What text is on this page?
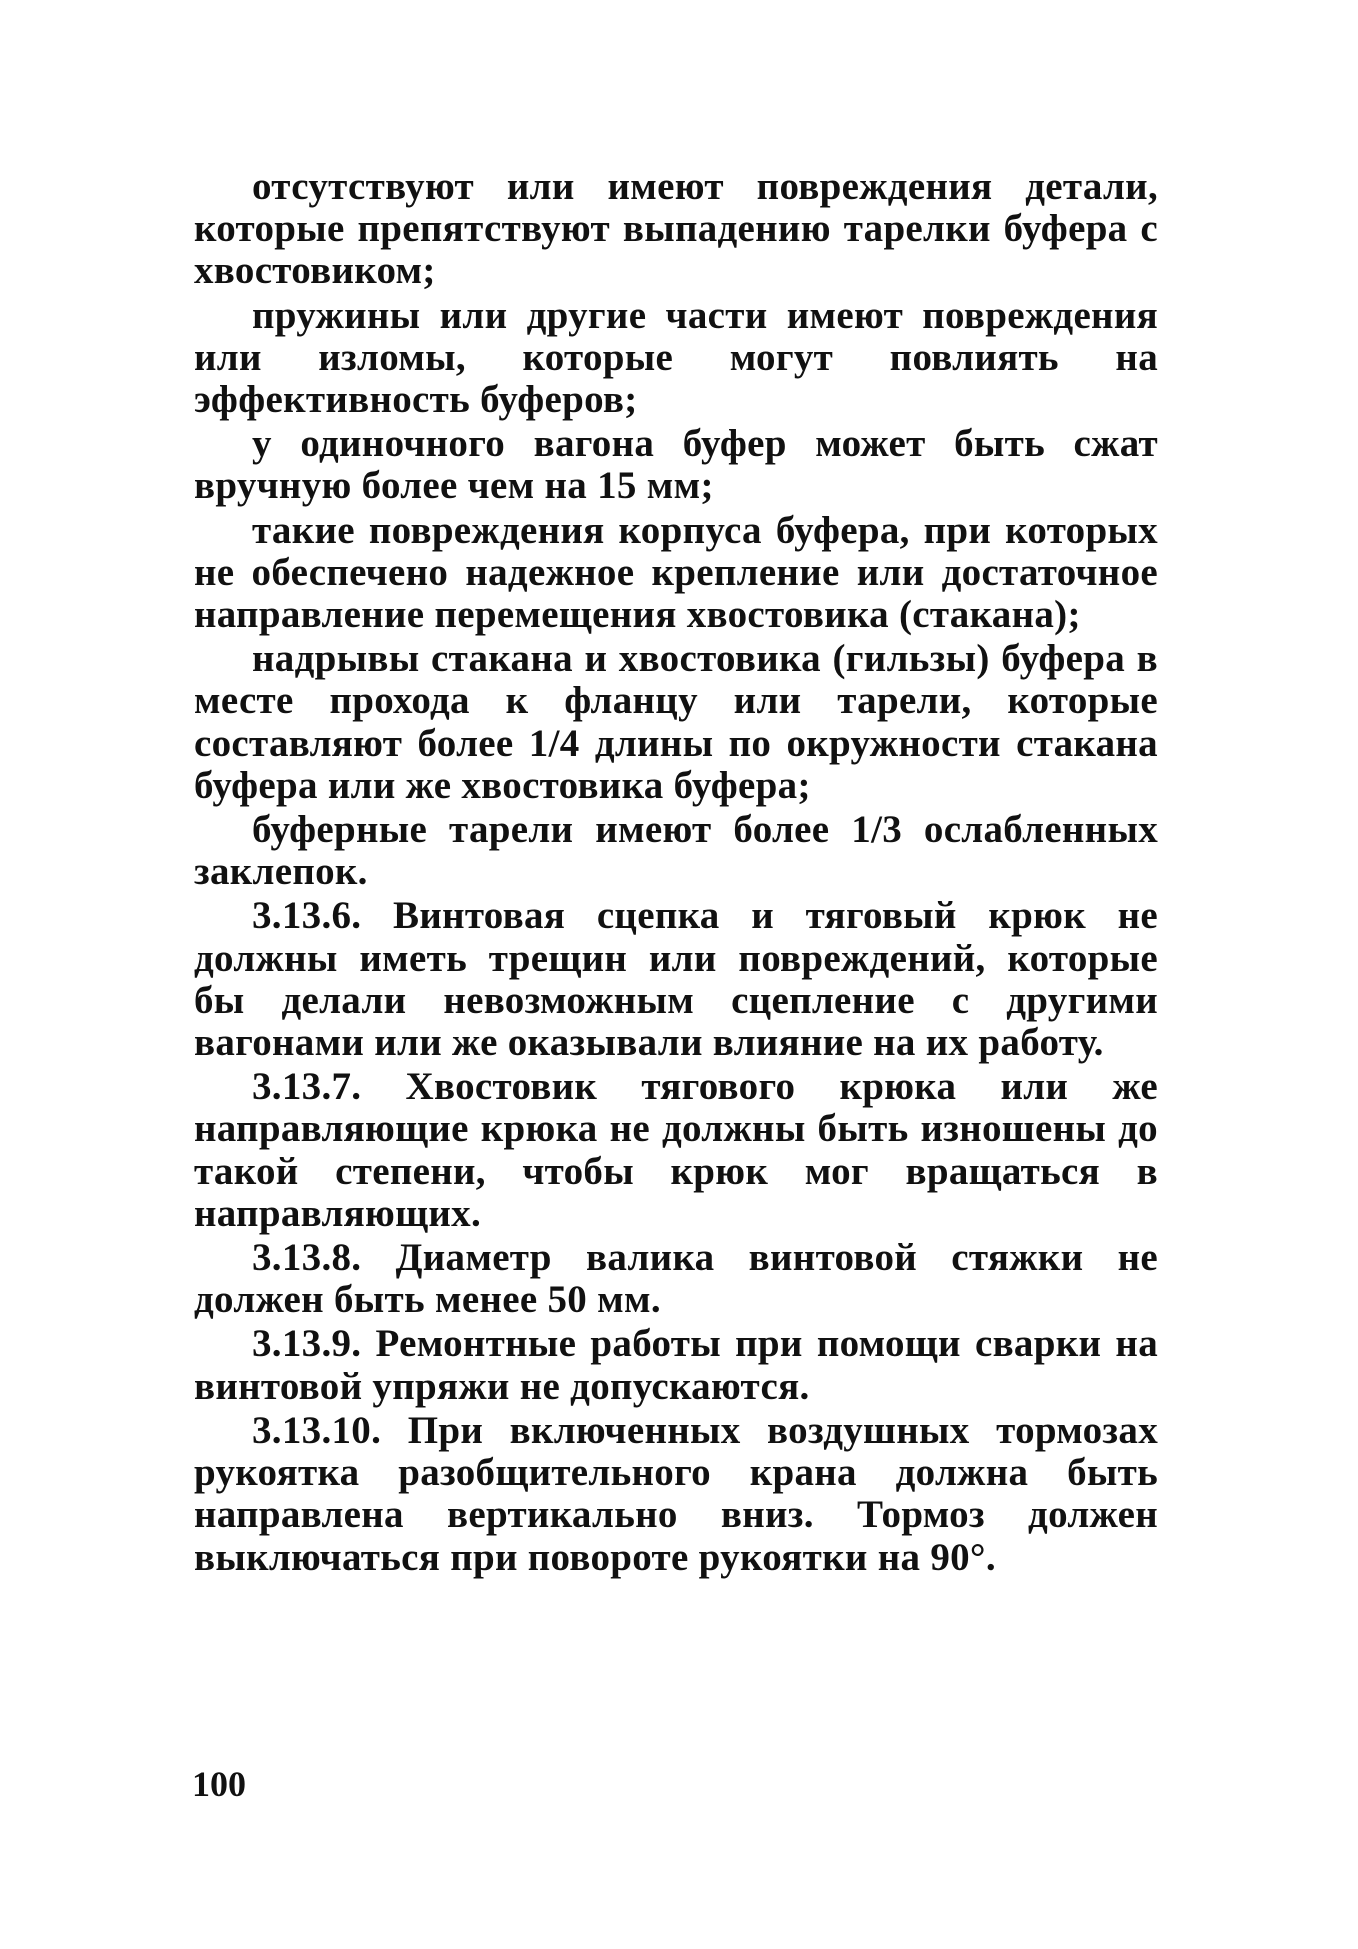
отсутствуют или имеют повреждения детали, которые препятствуют выпадению тарелки буфера с хвостовиком;

пружины или другие части имеют повреждения или изломы, которые могут повлиять на эффективность буферов;

у одиночного вагона буфер может быть сжат вручную более чем на 15 мм;

такие повреждения корпуса буфера, при которых не обеспечено надежное крепление или достаточное направление перемещения хвостовика (стакана);

надрывы стакана и хвостовика (гильзы) буфера в месте прохода к фланцу или тарели, которые составляют более 1/4 длины по окружности стакана буфера или же хвостовика буфера;

буферные тарели имеют более 1/3 ослабленных заклепок.

3.13.6. Винтовая сцепка и тяговый крюк не должны иметь трещин или повреждений, которые бы делали невозможным сцепление с другими вагонами или же оказывали влияние на их работу.

3.13.7. Хвостовик тягового крюка или же направляющие крюка не должны быть изношены до такой степени, чтобы крюк мог вращаться в направляющих.

3.13.8. Диаметр валика винтовой стяжки не должен быть менее 50 мм.

3.13.9. Ремонтные работы при помощи сварки на винтовой упряжи не допускаются.

3.13.10. При включенных воздушных тормозах рукоятка разобщительного крана должна быть направлена вертикально вниз. Тормоз должен выключаться при повороте рукоятки на 90°.

100
